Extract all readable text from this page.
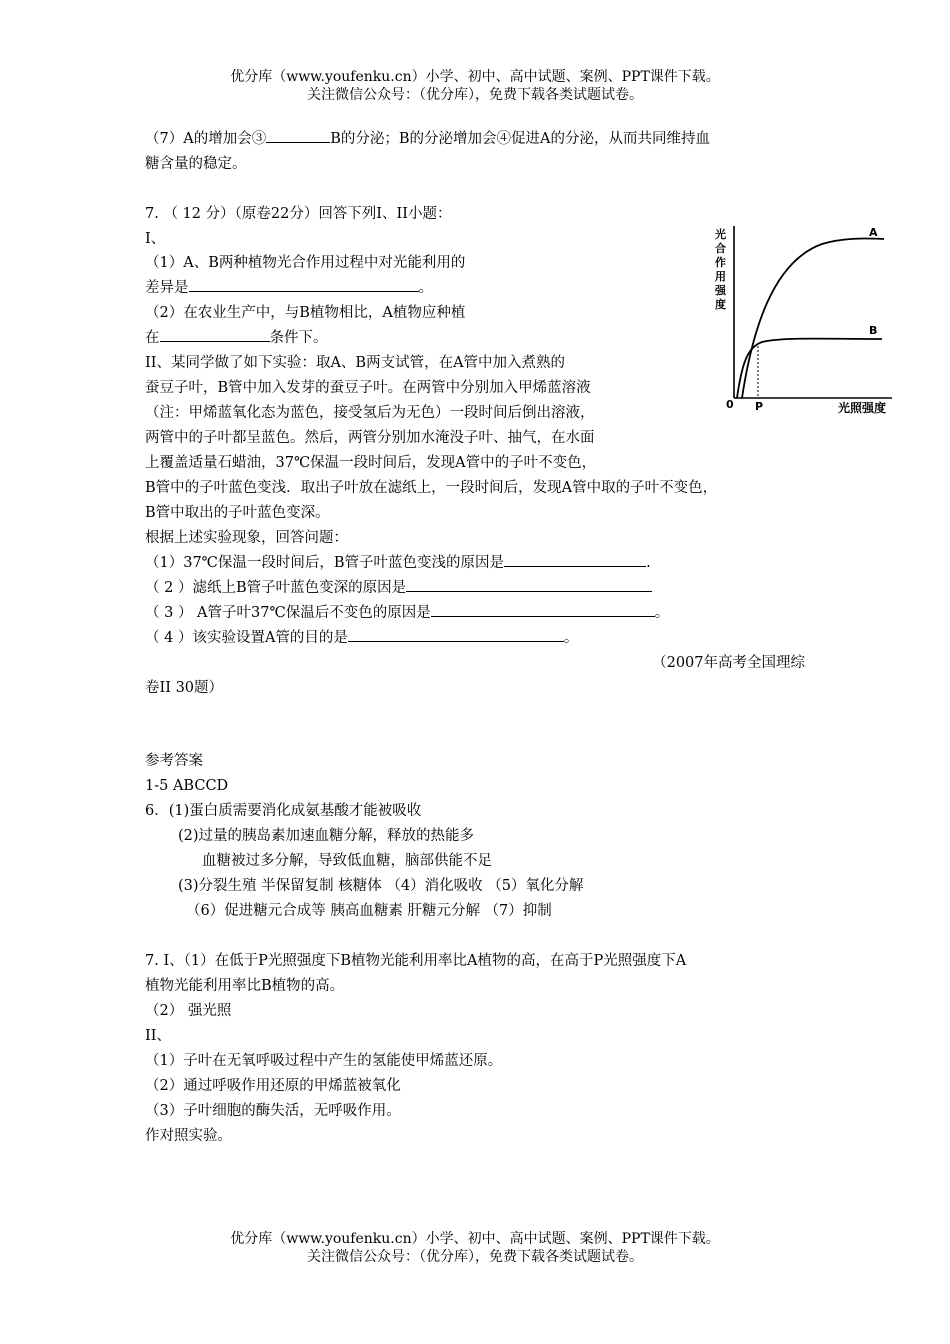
优分库（www.youfenku.cn）小学、初中、高中试题、案例、PPT课件下载。
关注微信公众号：（优分库），免费下载各类试题试卷。
（7）A的增加会③	B的分泌；B的分泌增加会④促进A的分泌，从而共同维持血
糖含量的稳定。
7. （ 12 分）（原卷22分）回答下列I、II小题：
I、
（1）A、B两种植物光合作用过程中对光能利用的
差异是	。
（2）在农业生产中，与B植物相比，A植物应种植
在	条件下。
II、某同学做了如下实验：取A、B两支试管，在A管中加入煮熟的
蚕豆子叶，B管中加入发芽的蚕豆子叶。在两管中分别加入甲烯蓝溶液
（注：甲烯蓝氧化态为蓝色，接受氢后为无色）一段时间后倒出溶液，
两管中的子叶都呈蓝色。然后，两管分别加水淹没子叶、抽气，在水面
上覆盖适量石蜡油，37℃保温一段时间后，发现A管中的子叶不变色，
B管中的子叶蓝色变浅．取出子叶放在滤纸上，一段时间后，发现A管中取的子叶不变色，
B管中取出的子叶蓝色变深。
根据上述实验现象，回答问题：
（1）37℃保温一段时间后，B管子叶蓝色变浅的原因是	.
（ 2 ）滤纸上B管子叶蓝色变深的原因是
（ 3 ） A管子叶37℃保温后不变色的原因是	。
（ 4 ）该实验设置A管的目的是	。
（2007年高考全国理综
卷II 30题）
光
合
作
用
强
度
A
B
0 P	光照强度
参考答案
1-5 ABCCD
6．(1)蛋白质需要消化成氨基酸才能被吸收
(2)过量的胰岛素加速血糖分解，释放的热能多
血糖被过多分解，导致低血糖，脑部供能不足
(3)分裂生殖 半保留复制 核糖体 （4）消化吸收 （5）氧化分解
（6）促进糖元合成等 胰高血糖素 肝糖元分解 （7）抑制
7. I、（1）在低于P光照强度下B植物光能利用率比A植物的高，在高于P光照强度下A
植物光能利用率比B植物的高。
（2） 强光照
II、
（1）子叶在无氧呼吸过程中产生的氢能使甲烯蓝还原。
（2）通过呼吸作用还原的甲烯蓝被氧化
（3）子叶细胞的酶失活，无呼吸作用。
作对照实验。
优分库（www.youfenku.cn）小学、初中、高中试题、案例、PPT课件下载。
关注微信公众号：（优分库），免费下载各类试题试卷。
